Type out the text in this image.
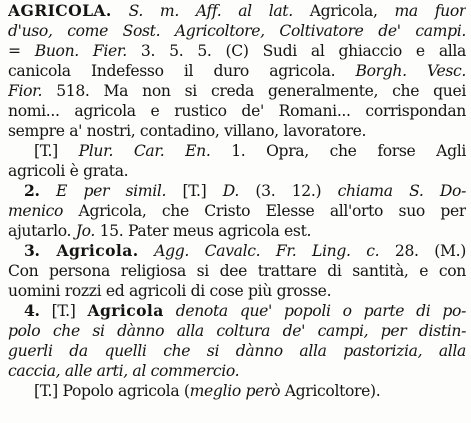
AGRICOLA. S. m. Aff. al lat. Agricola, ma fuor
d'uso, come Sost. Agricoltore, Coltivatore de' campi.
= Buon. Fier. 3. 5. 5. (C) Sudi al ghiaccio e alla
canicola Indefesso il duro agricola. Borgh. Vesc.
Fior. 518. Ma non si creda generalmente, che quei
nomi... agricola e rustico de' Romani... corrispondan
sempre a' nostri, contadino, villano, lavoratore.
[T.] Plur. Car. En. 1. Opra, che forse Agli
agricoli è grata.
2. E per simil. [T.] D. (3. 12.) chiama S. Do-
menico Agricola, che Cristo Elesse all'orto suo per
ajutarlo. Jo. 15. Pater meus agricola est.
3. Agricola. Agg. Cavalc. Fr. Ling. c. 28. (M.)
Con persona religiosa si dee trattare di santità, e con
uomini rozzi ed agricoli di cose più grosse.
4. [T.] Agricola denota que' popoli o parte di po-
polo che si dànno alla coltura de' campi, per distin-
guerli da quelli che si dànno alla pastorizia, alla
caccia, alle arti, al commercio.
[T.] Popolo agricola (meglio però Agricoltore).
